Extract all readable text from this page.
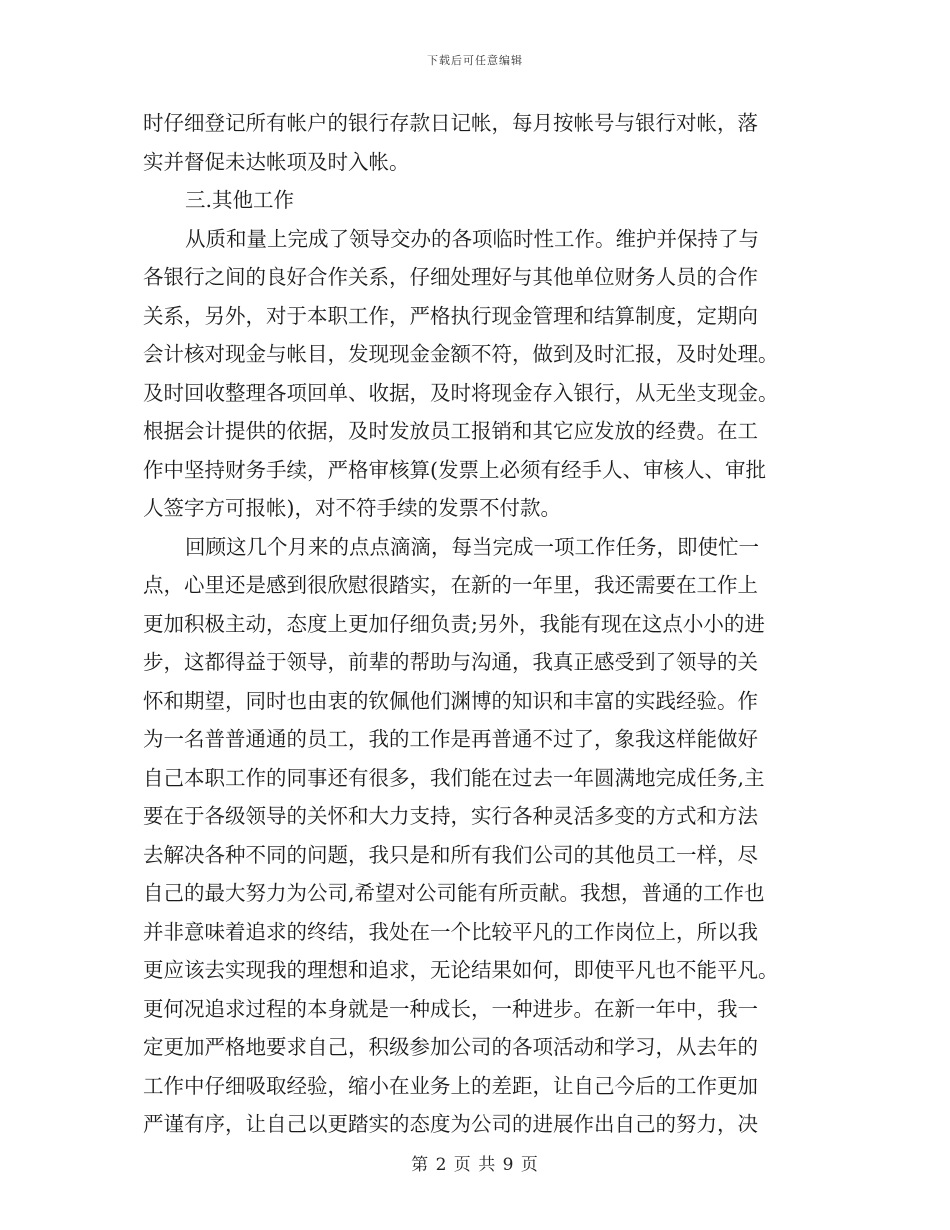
下载后可任意编辑
时仔细登记所有帐户的银行存款日记帐，每月按帐号与银行对帐，落
实并督促未达帐项及时入帐。
三.其他工作
从质和量上完成了领导交办的各项临时性工作。维护并保持了与
各银行之间的良好合作关系，仔细处理好与其他单位财务人员的合作
关系，另外，对于本职工作，严格执行现金管理和结算制度，定期向
会计核对现金与帐目，发现现金金额不符，做到及时汇报，及时处理。
及时回收整理各项回单、收据，及时将现金存入银行，从无坐支现金。
根据会计提供的依据，及时发放员工报销和其它应发放的经费。在工
作中坚持财务手续，严格审核算(发票上必须有经手人、审核人、审批
人签字方可报帐)，对不符手续的发票不付款。
回顾这几个月来的点点滴滴，每当完成一项工作任务，即使忙一
点，心里还是感到很欣慰很踏实，在新的一年里，我还需要在工作上
更加积极主动，态度上更加仔细负责;另外，我能有现在这点小小的进
步，这都得益于领导，前辈的帮助与沟通，我真正感受到了领导的关
怀和期望，同时也由衷的钦佩他们渊博的知识和丰富的实践经验。作
为一名普普通通的员工，我的工作是再普通不过了，象我这样能做好
自己本职工作的同事还有很多，我们能在过去一年圆满地完成任务,主
要在于各级领导的关怀和大力支持，实行各种灵活多变的方式和方法
去解决各种不同的问题，我只是和所有我们公司的其他员工一样，尽
自己的最大努力为公司,希望对公司能有所贡献。我想，普通的工作也
并非意味着追求的终结，我处在一个比较平凡的工作岗位上，所以我
更应该去实现我的理想和追求，无论结果如何，即使平凡也不能平凡。
更何况追求过程的本身就是一种成长，一种进步。在新一年中，我一
定更加严格地要求自己，积级参加公司的各项活动和学习，从去年的
工作中仔细吸取经验，缩小在业务上的差距，让自己今后的工作更加
严谨有序，让自己以更踏实的态度为公司的进展作出自己的努力，决
第 2 页 共 9 页
